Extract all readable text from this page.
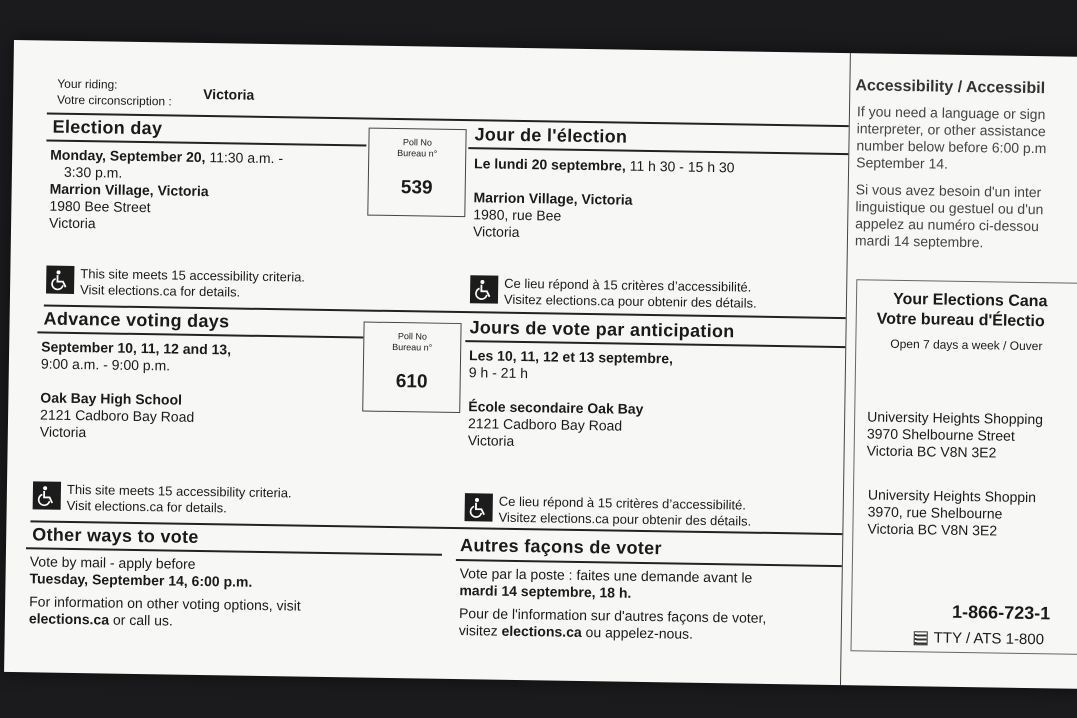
Your riding:
Votre circonscription : Victoria
Election day	Jour de l'élection
Poll No
Bureau n°
539
Monday, September 20, 11:30 a.m. -
3:30 p.m.
Marrion Village, Victoria
1980 Bee Street
Victoria
Le lundi 20 septembre, 11 h 30 - 15 h 30
Marrion Village, Victoria
1980, rue Bee
Victoria
This site meets 15 accessibility criteria.
Visit elections.ca for details.	Ce lieu répond à 15 critères d’accessibilité.
Visitez elections.ca pour obtenir des détails.
Advance voting days	Jours de vote par anticipation
Poll No
Bureau n°
610
September 10, 11, 12 and 13,
9:00 a.m. - 9:00 p.m.
Oak Bay High School
2121 Cadboro Bay Road
Victoria
Les 10, 11, 12 et 13 septembre,
9 h - 21 h
École secondaire Oak Bay
2121 Cadboro Bay Road
Victoria
This site meets 15 accessibility criteria.
Visit elections.ca for details.	Ce lieu répond à 15 critères d’accessibilité.
Visitez elections.ca pour obtenir des détails.
Other ways to vote	Autres façons de voter
Vote by mail - apply before
Tuesday, September 14, 6:00 p.m.
For information on other voting options, visit
elections.ca or call us.
Vote par la poste : faites une demande avant le
mardi 14 septembre, 18 h.
Pour de l'information sur d'autres façons de voter,
visitez elections.ca ou appelez-nous.
Accessibility / Accessibil
If you need a language or sign
interpreter, or other assistance
number below before 6:00 p.m
September 14.
Si vous avez besoin d'un inter
linguistique ou gestuel ou d'un
appelez au numéro ci-dessou
mardi 14 septembre.
Your Elections Cana
Votre bureau d'Électio
Open 7 days a week / Ouver
University Heights Shopping
3970 Shelbourne Street
Victoria BC V8N 3E2
University Heights Shoppin
3970, rue Shelbourne
Victoria BC V8N 3E2
1-866-723-1
TTY / ATS 1-800
